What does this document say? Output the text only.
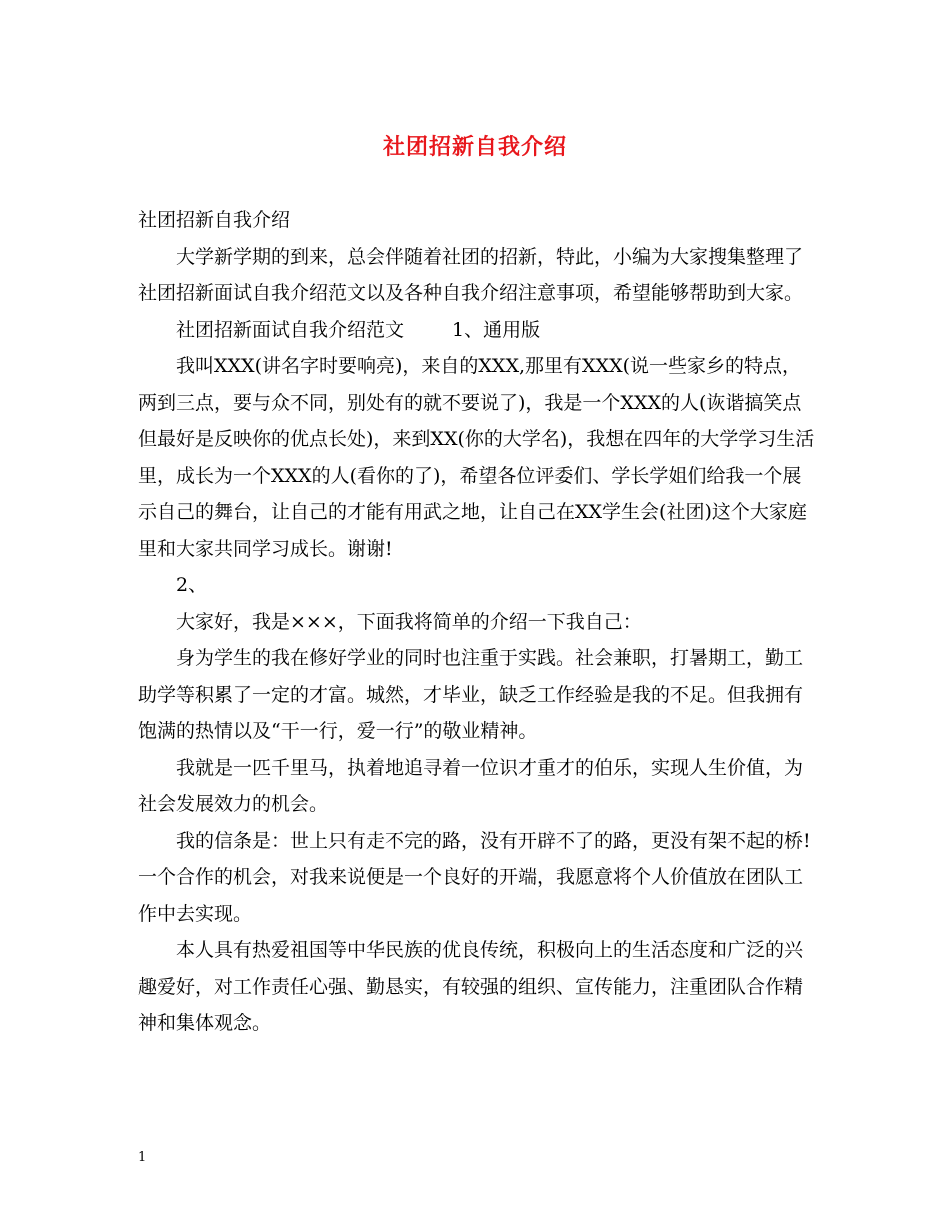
社团招新自我介绍

社团招新自我介绍

大学新学期的到来，总会伴随着社团的招新，特此，小编为大家搜集整理了社团招新面试自我介绍范文以及各种自我介绍注意事项，希望能够帮助到大家。

社团招新面试自我介绍范文	1、通用版

我叫XXX(讲名字时要响亮)，来自的XXX,那里有XXX(说一些家乡的特点，两到三点，要与众不同，别处有的就不要说了)，我是一个XXX的人(诙谐搞笑点但最好是反映你的优点长处)，来到XX(你的大学名)，我想在四年的大学学习生活里，成长为一个XXX的人(看你的了)，希望各位评委们、学长学姐们给我一个展示自己的舞台，让自己的才能有用武之地，让自己在XX学生会(社团)这个大家庭里和大家共同学习成长。谢谢!

2、

大家好，我是×××，下面我将简单的介绍一下我自己：

身为学生的我在修好学业的同时也注重于实践。社会兼职，打暑期工，勤工助学等积累了一定的才富。城然，才毕业，缺乏工作经验是我的不足。但我拥有饱满的热情以及“干一行，爱一行”的敬业精神。

我就是一匹千里马，执着地追寻着一位识才重才的伯乐，实现人生价值，为社会发展效力的机会。

我的信条是：世上只有走不完的路，没有开辟不了的路，更没有架不起的桥!一个合作的机会，对我来说便是一个良好的开端，我愿意将个人价值放在团队工作中去实现。

本人具有热爱祖国等中华民族的优良传统，积极向上的生活态度和广泛的兴趣爱好，对工作责任心强、勤恳实，有较强的组织、宣传能力，注重团队合作精神和集体观念。

1
